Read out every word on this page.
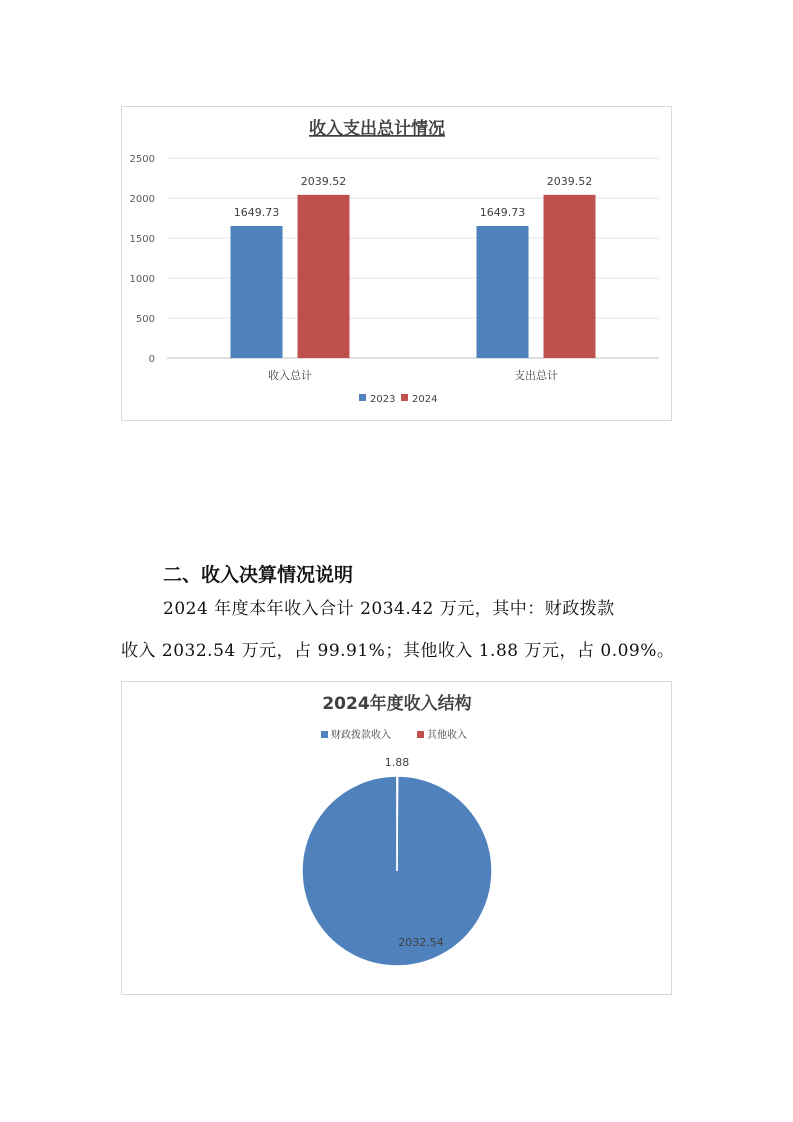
收入支出总计情况
0
500
1000
1500
2000
2500
1649.73
2039.52
收入总计
1649.73
2039.52
支出总计
2023 2024
二、收入决算情况说明
2024 年度本年收入合计 2034.42 万元，其中：财政拨款
收入 2032.54 万元，占 99.91%；其他收入 1.88 万元，占 0.09%。
2024年度收入结构
财政拨款收入	其他收入
1.88
2032.54
